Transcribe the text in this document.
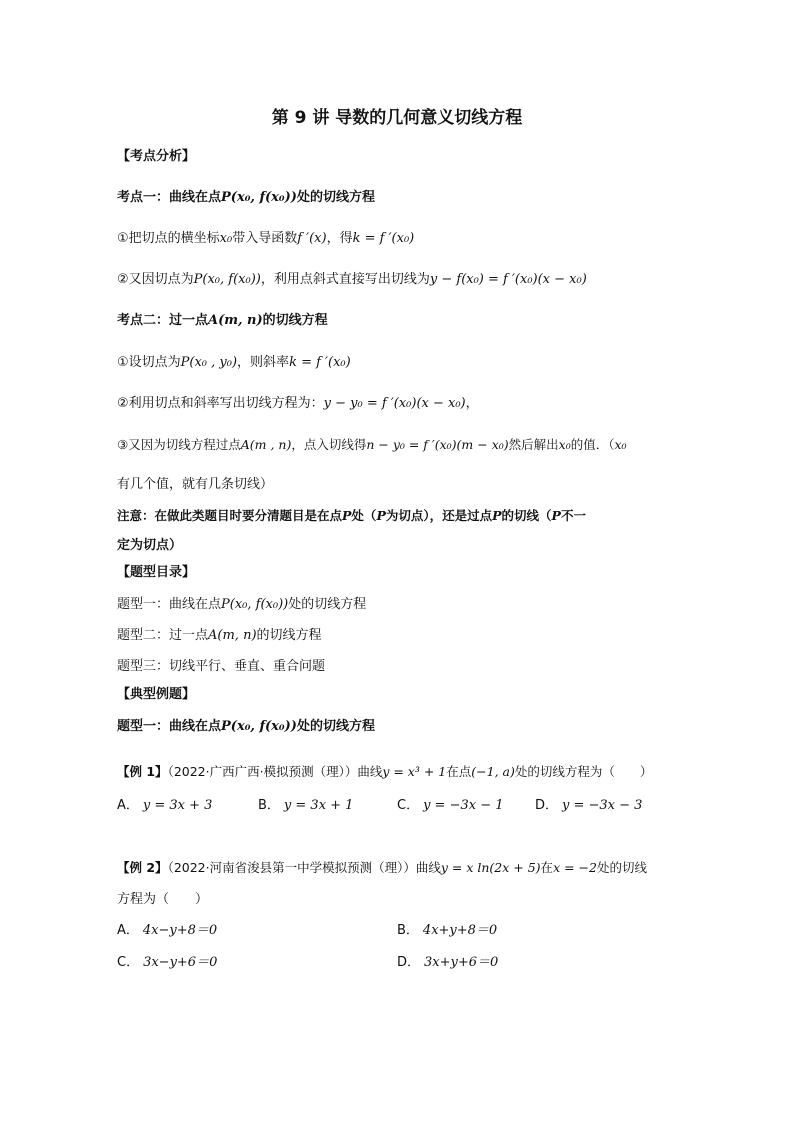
第 9 讲 导数的几何意义切线方程
【考点分析】
考点一：曲线在点P(x₀, f(x₀))处的切线方程
①把切点的横坐标x₀带入导函数f ′(x)，得k = f ′(x₀)
②又因切点为P(x₀, f(x₀))，利用点斜式直接写出切线为y − f(x₀) = f ′(x₀)(x − x₀)
考点二：过一点A(m, n)的切线方程
①设切点为P(x₀ , y₀)，则斜率k = f ′(x₀)
②利用切点和斜率写出切线方程为：y − y₀ = f ′(x₀)(x − x₀)，
③又因为切线方程过点A(m , n)，点入切线得n − y₀ = f ′(x₀)(m − x₀)然后解出x₀的值．（x₀
有几个值，就有几条切线）
注意：在做此类题目时要分清题目是在点P处（P为切点），还是过点P的切线（P不一
定为切点）
【题型目录】
题型一：曲线在点P(x₀, f(x₀))处的切线方程
题型二：过一点A(m, n)的切线方程
题型三：切线平行、垂直、重合问题
【典型例题】
题型一：曲线在点P(x₀, f(x₀))处的切线方程
【例 1】（2022·广西广西·模拟预测（理））曲线y = x³ + 1在点(−1, a)处的切线方程为（　　）
A． y = 3x + 3	B． y = 3x + 1	C． y = −3x − 1 D． y = −3x − 3
【例 2】（2022·河南省浚县第一中学模拟预测（理））曲线y = x ln(2x + 5)在x = −2处的切线
方程为（　　）
A． 4x−y+8＝0	B． 4x+y+8＝0
C． 3x−y+6＝0	D． 3x+y+6＝0
